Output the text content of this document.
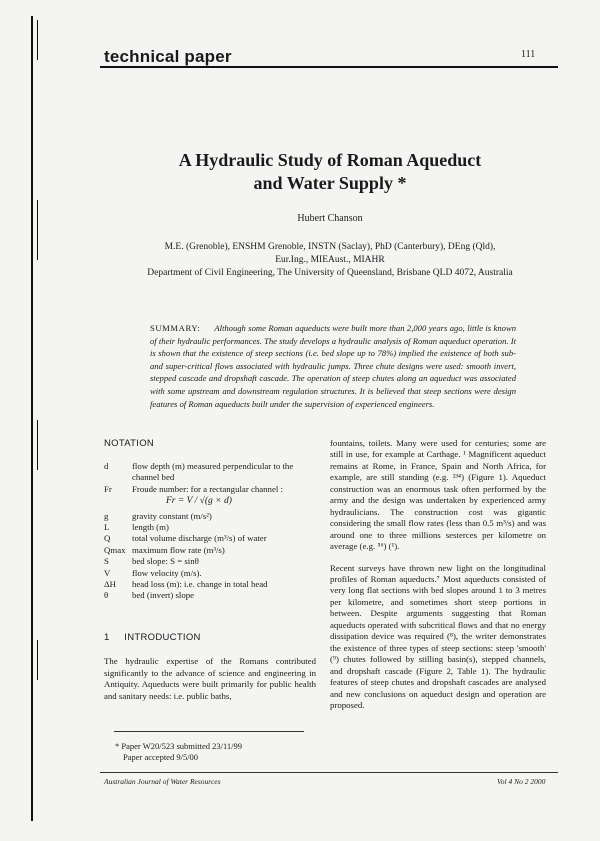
technical paper	111
A Hydraulic Study of Roman Aqueduct
and Water Supply *
Hubert Chanson
M.E. (Grenoble), ENSHM Grenoble, INSTN (Saclay), PhD (Canterbury), DEng (Qld),
Eur.Ing., MIEAust., MIAHR
Department of Civil Engineering, The University of Queensland, Brisbane QLD 4072, Australia
SUMMARY: Although some Roman aqueducts were built more than 2,000 years ago, little is known of their hydraulic performances. The study develops a hydraulic analysis of Roman aqueduct operation. It is shown that the existence of steep sections (i.e. bed slope up to 78%) implied the existence of both sub- and super-critical flows associated with hydraulic jumps. Three chute designs were used: smooth invert, stepped cascade and dropshaft cascade. The operation of steep chutes along an aqueduct was associated with some upstream and downstream regulation structures. It is believed that steep sections were design features of Roman aqueducts built under the supervision of experienced engineers.
NOTATION
d	flow depth (m) measured perpendicular to the channel bed
Fr	Froude number: for a rectangular channel :
Fr = V / √(g × d)
g	gravity constant (m/s²)
L	length (m)
Q	total volume discharge (m³/s) of water
Qmax maximum flow rate (m³/s)
S	bed slope: S = sinθ
V	flow velocity (m/s).
ΔH	head loss (m): i.e. change in total head
θ	bed (invert) slope
1     INTRODUCTION
The hydraulic expertise of the Romans contributed significantly to the advance of science and engineering in Antiquity. Aqueducts were built primarily for public health and sanitary needs: i.e. public baths,
* Paper W20/523 submitted 23/11/99
Paper accepted 9/5/00

fountains, toilets. Many were used for centuries; some are still in use, for example at Carthage. ¹ Magnificent aqueduct remains at Rome, in France, Spain and North Africa, for example, are still standing (e.g. ²³⁴) (Figure 1). Aqueduct construction was an enormous task often performed by the army and the design was undertaken by experienced army hydraulicians. The construction cost was gigantic considering the small flow rates (less than 0.5 m³/s) and was around one to three millions sesterces per kilometre on average (e.g. ⁵⁶) (¹).

Recent surveys have thrown new light on the longitudinal profiles of Roman aqueducts.⁷ Most aqueducts consisted of very long flat sections with bed slopes around 1 to 3 metres per kilometre, and sometimes short steep portions in between. Despite arguments suggesting that Roman aqueducts operated with subcritical flows and that no energy dissipation device was required (⁸), the writer demonstrates the existence of three types of steep sections: steep 'smooth' (⁹) chutes followed by stilling basin(s), stepped channels, and dropshaft cascade (Figure 2, Table 1). The hydraulic features of steep chutes and dropshaft cascades are analysed and new conclusions on aqueduct design and operation are proposed.

Australian Journal of Water Resources	Vol 4 No 2 2000
